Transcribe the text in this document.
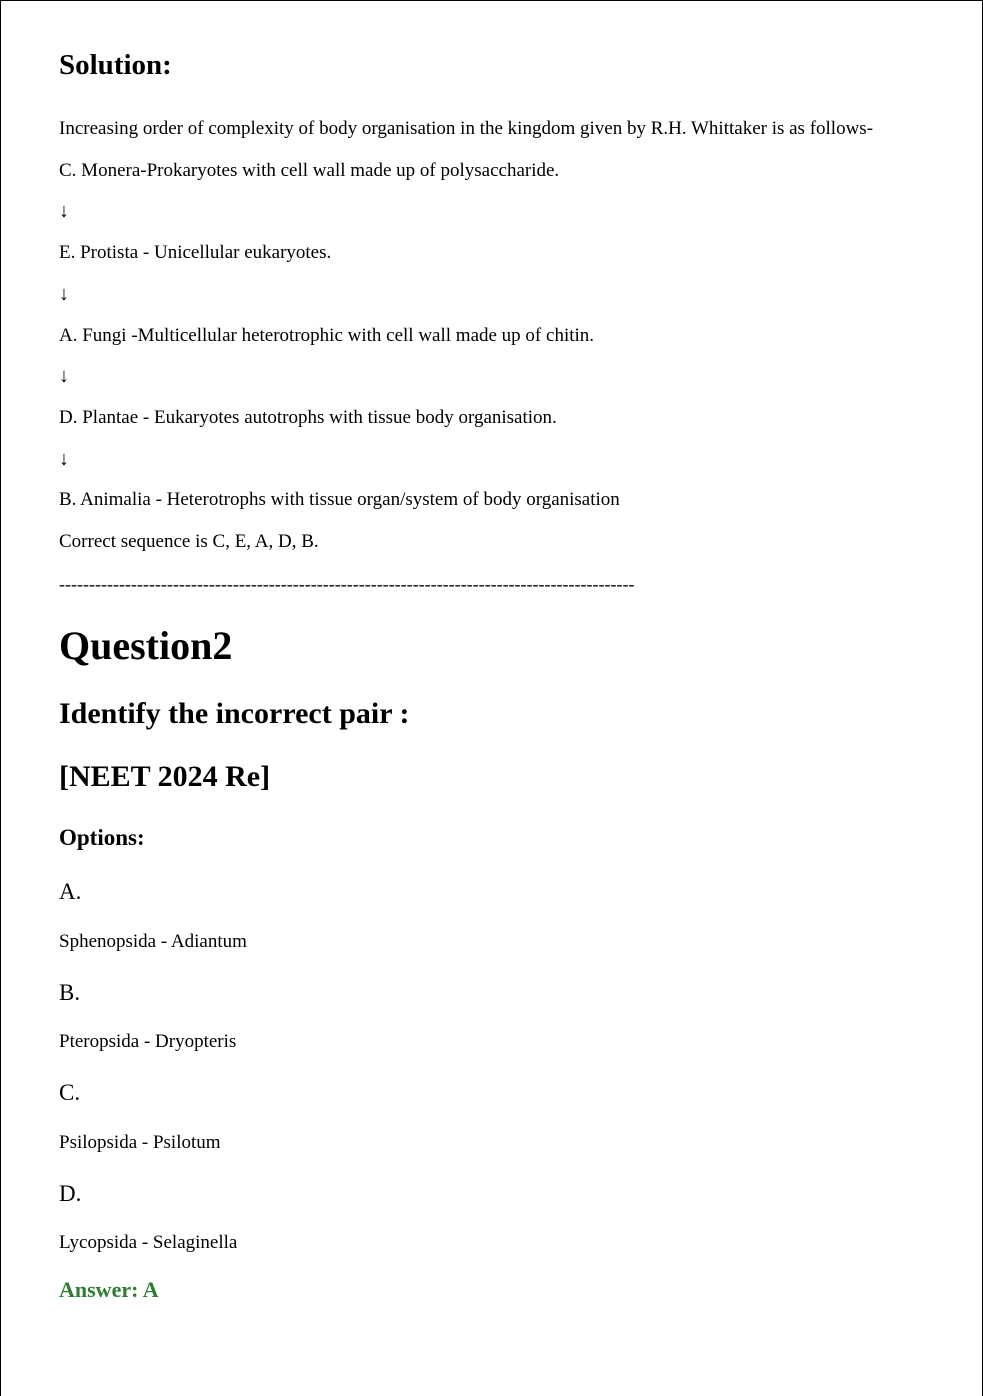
Solution:

Increasing order of complexity of body organisation in the kingdom given by R.H. Whittaker is as follows-

C. Monera-Prokaryotes with cell wall made up of polysaccharide.

↓

E. Protista - Unicellular eukaryotes.

↓

A. Fungi -Multicellular heterotrophic with cell wall made up of chitin.

↓

D. Plantae - Eukaryotes autotrophs with tissue body organisation.

↓

B. Animalia - Heterotrophs with tissue organ/system of body organisation

Correct sequence is C, E, A, D, B.

------------------------------------------------------------------------------------------------

Question2
Identify the incorrect pair :
[NEET 2024 Re]
Options:

A.

Sphenopsida - Adiantum

B.

Pteropsida - Dryopteris

C.

Psilopsida - Psilotum

D.

Lycopsida - Selaginella

Answer: A
